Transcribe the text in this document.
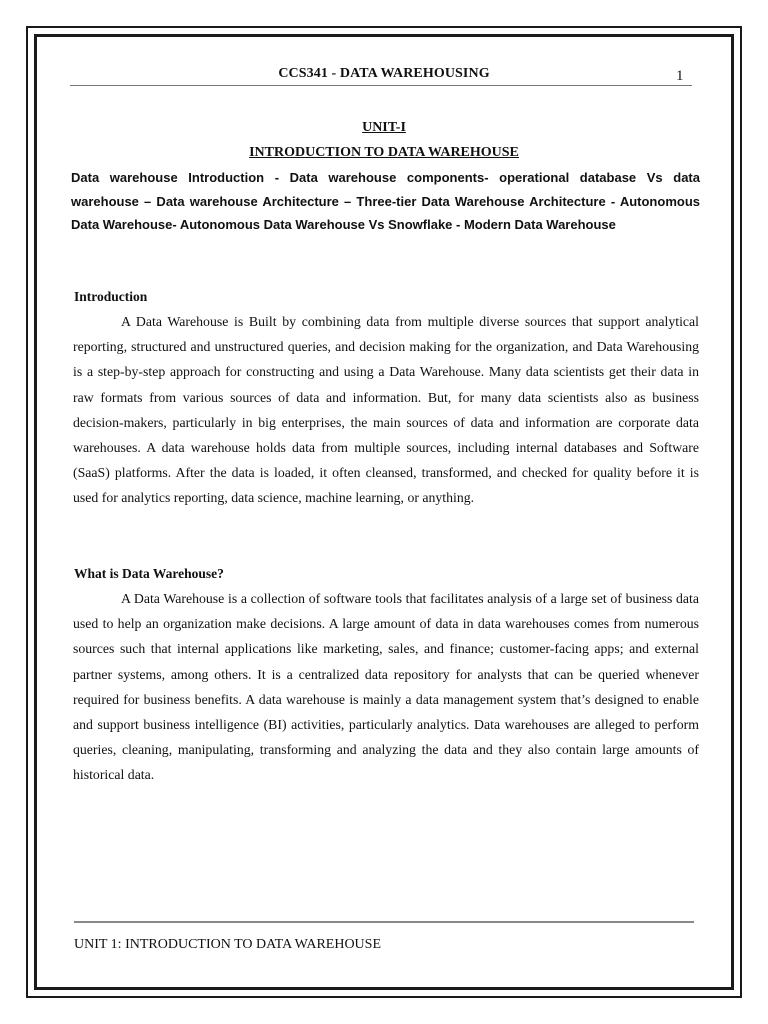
CCS341 - DATA WAREHOUSING	1
UNIT-I
INTRODUCTION TO DATA WAREHOUSE
Data warehouse Introduction - Data warehouse components- operational database Vs data warehouse – Data warehouse Architecture – Three-tier Data Warehouse Architecture - Autonomous Data Warehouse- Autonomous Data Warehouse Vs Snowflake - Modern Data Warehouse
Introduction

A Data Warehouse is Built by combining data from multiple diverse sources that support analytical reporting, structured and unstructured queries, and decision making for the organization, and Data Warehousing is a step-by-step approach for constructing and using a Data Warehouse. Many data scientists get their data in raw formats from various sources of data and information. But, for many data scientists also as business decision-makers, particularly in big enterprises, the main sources of data and information are corporate data warehouses. A data warehouse holds data from multiple sources, including internal databases and Software (SaaS) platforms. After the data is loaded, it often cleansed, transformed, and checked for quality before it is used for analytics reporting, data science, machine learning, or anything.

What is Data Warehouse?

A Data Warehouse is a collection of software tools that facilitates analysis of a large set of business data used to help an organization make decisions. A large amount of data in data warehouses comes from numerous sources such that internal applications like marketing, sales, and finance; customer-facing apps; and external partner systems, among others. It is a centralized data repository for analysts that can be queried whenever required for business benefits. A data warehouse is mainly a data management system that’s designed to enable and support business intelligence (BI) activities, particularly analytics. Data warehouses are alleged to perform queries, cleaning, manipulating, transforming and analyzing the data and they also contain large amounts of historical data.

UNIT 1: INTRODUCTION TO DATA WAREHOUSE
